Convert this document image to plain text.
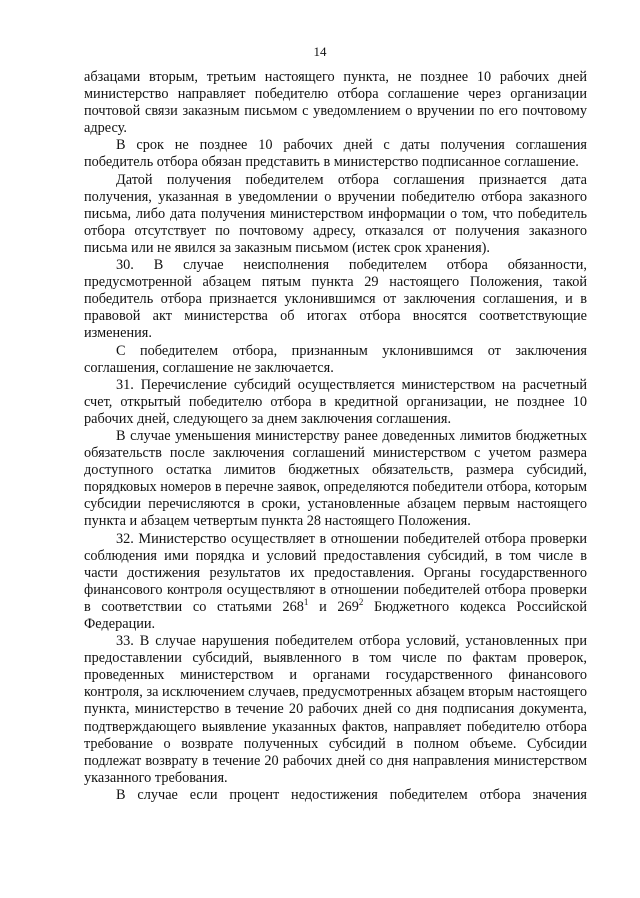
14

абзацами вторым, третьим настоящего пункта, не позднее 10 рабочих дней министерство направляет победителю отбора соглашение через организации почтовой связи заказным письмом с уведомлением о вручении по его почтовому адресу.

В срок не позднее 10 рабочих дней с даты получения соглашения победитель отбора обязан представить в министерство подписанное соглашение.

Датой получения победителем отбора соглашения признается дата получения, указанная в уведомлении о вручении победителю отбора заказного письма, либо дата получения министерством информации о том, что победитель отбора отсутствует по почтовому адресу, отказался от получения заказного письма или не явился за заказным письмом (истек срок хранения).

30. В случае неисполнения победителем отбора обязанности, предусмотренной абзацем пятым пункта 29 настоящего Положения, такой победитель отбора признается уклонившимся от заключения соглашения, и в правовой акт министерства об итогах отбора вносятся соответствующие изменения.

С победителем отбора, признанным уклонившимся от заключения соглашения, соглашение не заключается.

31. Перечисление субсидий осуществляется министерством на расчетный счет, открытый победителю отбора в кредитной организации, не позднее 10 рабочих дней, следующего за днем заключения соглашения.

В случае уменьшения министерству ранее доведенных лимитов бюджетных обязательств после заключения соглашений министерством с учетом размера доступного остатка лимитов бюджетных обязательств, размера субсидий, порядковых номеров в перечне заявок, определяются победители отбора, которым субсидии перечисляются в сроки, установленные абзацем первым настоящего пункта и абзацем четвертым пункта 28 настоящего Положения.

32. Министерство осуществляет в отношении победителей отбора проверки соблюдения ими порядка и условий предоставления субсидий, в том числе в части достижения результатов их предоставления. Органы государственного финансового контроля осуществляют в отношении победителей отбора проверки в соответствии со статьями $268^1$ и $269^2$ Бюджетного кодекса Российской Федерации.

33. В случае нарушения победителем отбора условий, установленных при предоставлении субсидий, выявленного в том числе по фактам проверок, проведенных министерством и органами государственного финансового контроля, за исключением случаев, предусмотренных абзацем вторым настоящего пункта, министерство в течение 20 рабочих дней со дня подписания документа, подтверждающего выявление указанных фактов, направляет победителю отбора требование о возврате полученных субсидий в полном объеме. Субсидии подлежат возврату в течение 20 рабочих дней со дня направления министерством указанного требования.

В случае если процент недостижения победителем отбора значения
